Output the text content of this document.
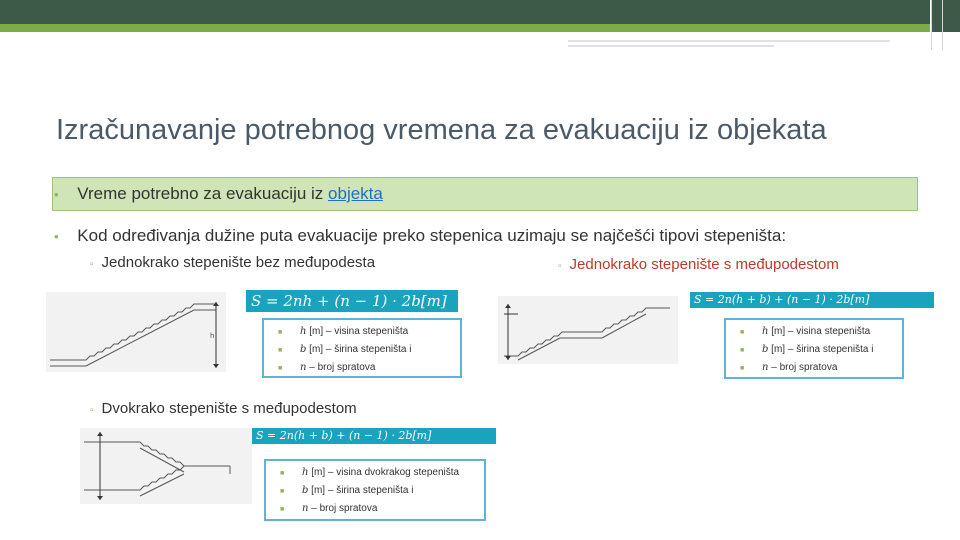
Izračunavanje potrebnog vremena za evakuaciju iz objekata
• Vreme potrebno za evakuaciju iz objekta
• Kod određivanja dužine puta evakuacije preko stepenica uzimaju se najčešći tipovi stepeništa:
▫ Jednokrako stepenište bez međupodesta	▫ Jednokrako stepenište s međupodestom
h
S = 2nh + (n − 1) · 2b[m]
■ h [m] – visina stepeništa
■ b [m] – širina stepeništa i
■ n – broj spratova
S = 2n(h + b) + (n − 1) · 2b[m]
■ h [m] – visina stepeništa
■ b [m] – širina stepeništa i
■ n – broj spratova
▫ Dvokrako stepenište s međupodestom
S = 2n(h + b) + (n − 1) · 2b[m]
■ h [m] – visina dvokrakog stepeništa
■ b [m] – širina stepeništa i
■ n – broj spratova
